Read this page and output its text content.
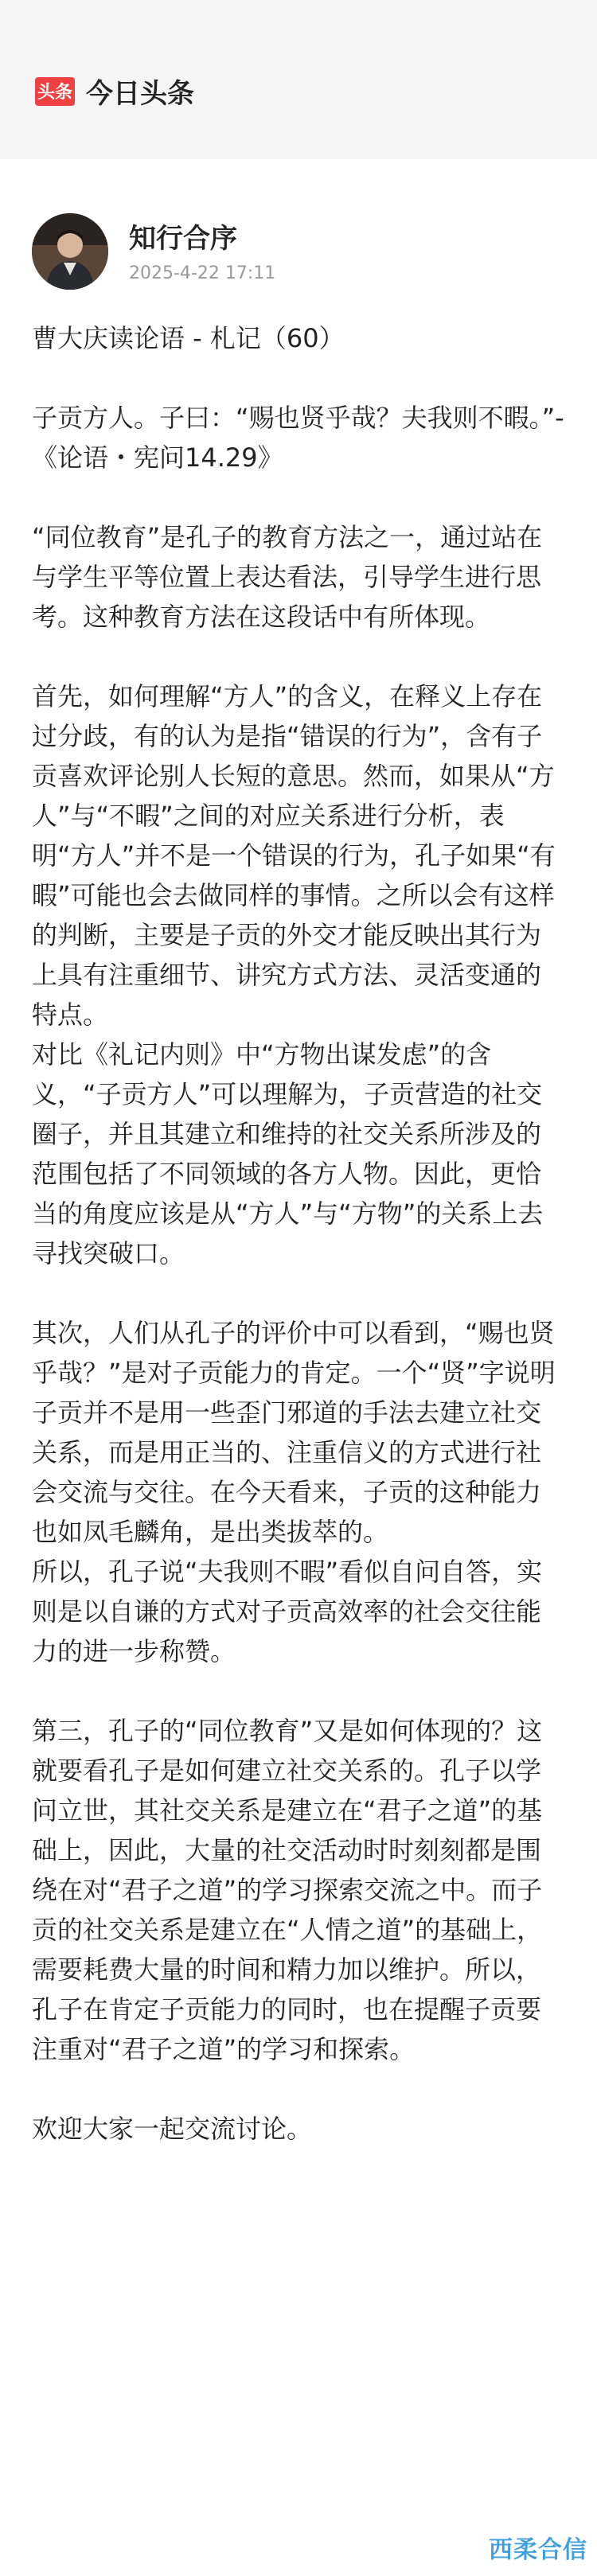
头条 今日头条
知行合序
2025-4-22 17:11

曹大庆读论语 - 札记（60）

子贡方人。子曰：“赐也贤乎哉？夫我则不暇。”- 《论语・宪问14.29》

“同位教育”是孔子的教育方法之一，通过站在与学生平等位置上表达看法，引导学生进行思考。这种教育方法在这段话中有所体现。

首先，如何理解“方人”的含义，在释义上存在过分歧，有的认为是指“错误的行为”，含有子贡喜欢评论别人长短的意思。然而，如果从“方人”与“不暇”之间的对应关系进行分析，表明“方人”并不是一个错误的行为，孔子如果“有暇”可能也会去做同样的事情。之所以会有这样的判断，主要是子贡的外交才能反映出其行为上具有注重细节、讲究方式方法、灵活变通的特点。
对比《礼记内则》中“方物出谋发虑”的含义，“子贡方人”可以理解为，子贡营造的社交圈子，并且其建立和维持的社交关系所涉及的范围包括了不同领域的各方人物。因此，更恰当的角度应该是从“方人”与“方物”的关系上去寻找突破口。

其次，人们从孔子的评价中可以看到，“赐也贤乎哉？”是对子贡能力的肯定。一个“贤”字说明子贡并不是用一些歪门邪道的手法去建立社交关系，而是用正当的、注重信义的方式进行社会交流与交往。在今天看来，子贡的这种能力也如凤毛麟角，是出类拔萃的。
所以，孔子说“夫我则不暇”看似自问自答，实则是以自谦的方式对子贡高效率的社会交往能力的进一步称赞。

第三，孔子的“同位教育”又是如何体现的？这就要看孔子是如何建立社交关系的。孔子以学问立世，其社交关系是建立在“君子之道”的基础上，因此，大量的社交活动时时刻刻都是围绕在对“君子之道”的学习探索交流之中。而子贡的社交关系是建立在“人情之道”的基础上，需要耗费大量的时间和精力加以维护。所以，孔子在肯定子贡能力的同时，也在提醒子贡要注重对“君子之道”的学习和探索。

欢迎大家一起交流讨论。

西柔合信
